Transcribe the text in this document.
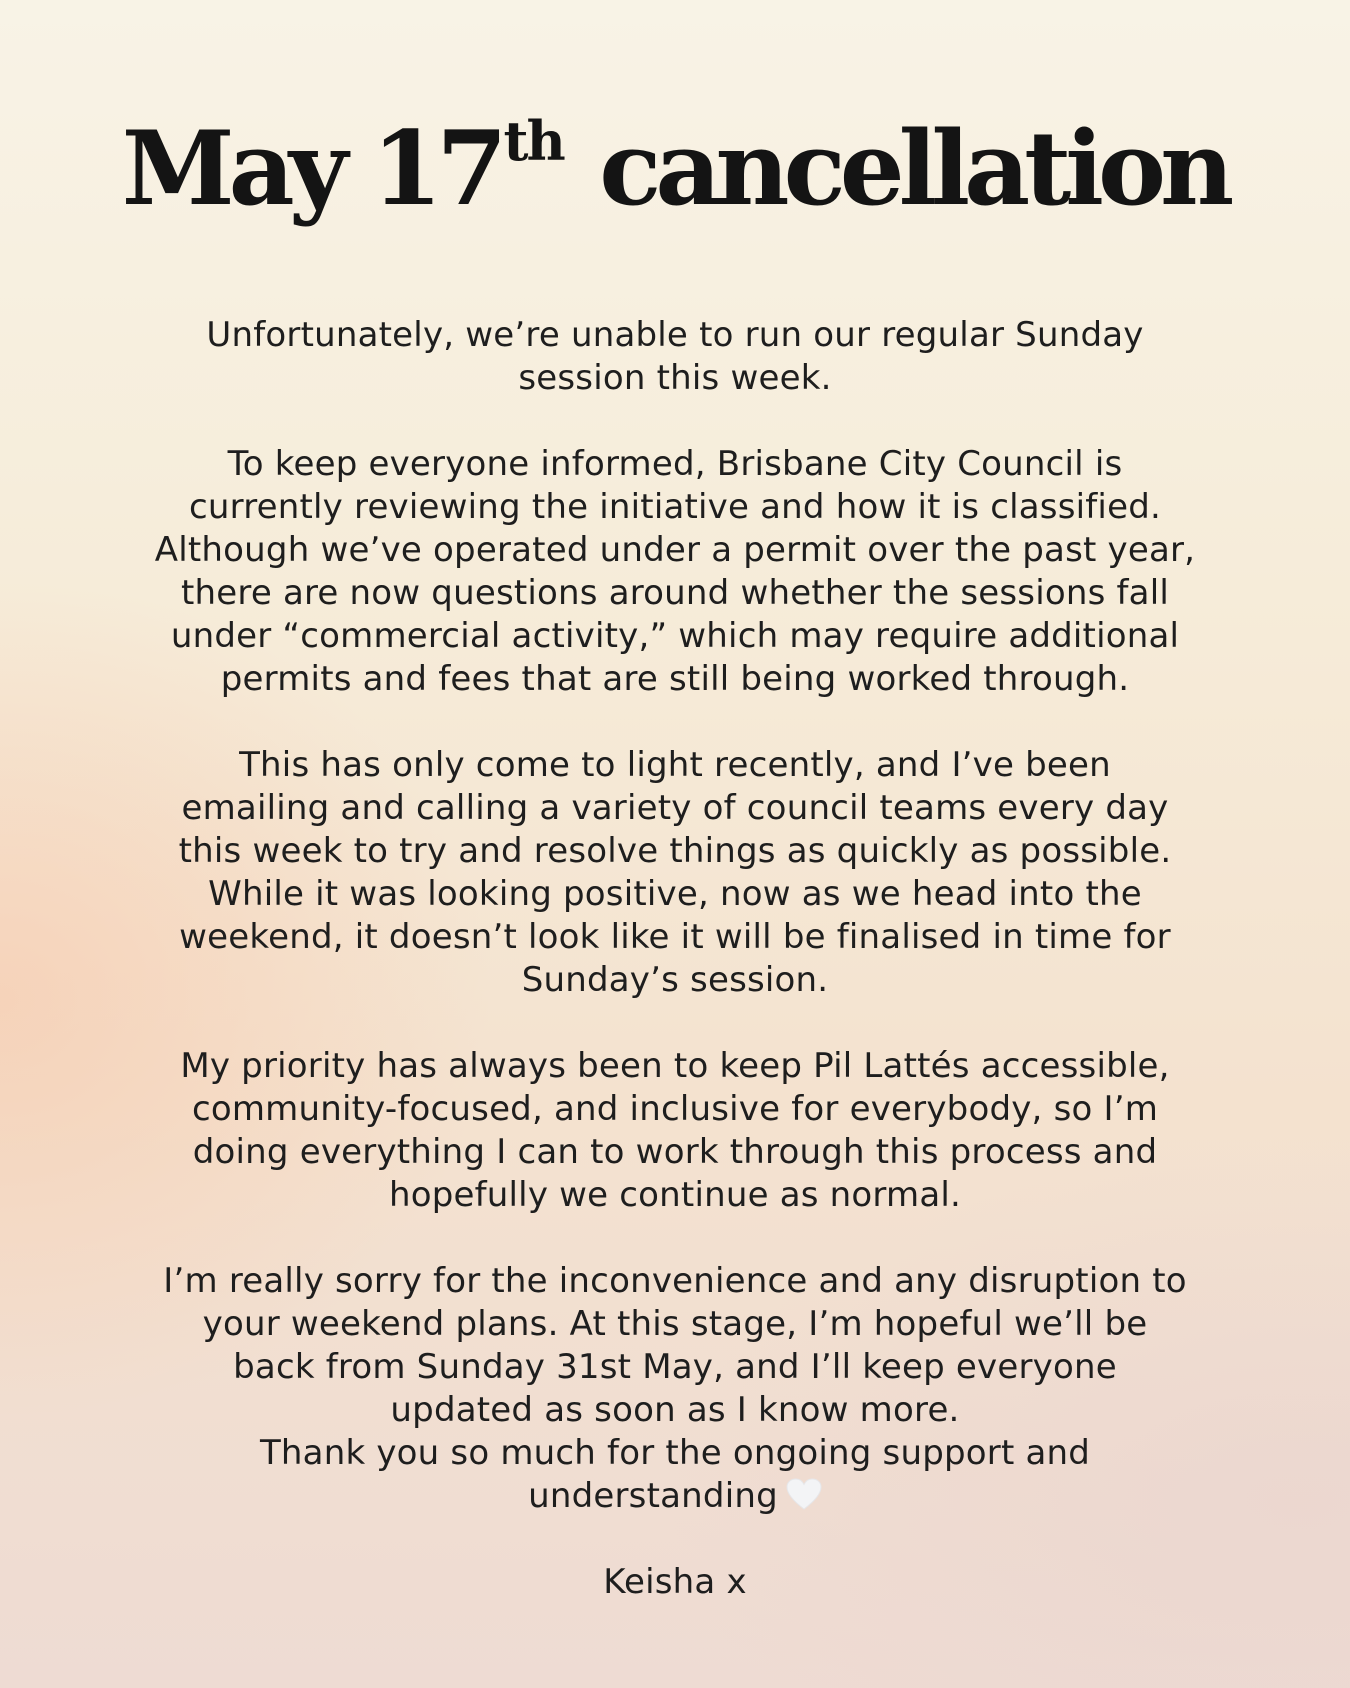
May 17th cancellation

Unfortunately, we’re unable to run our regular Sunday
session this week.

To keep everyone informed, Brisbane City Council is
currently reviewing the initiative and how it is classified.
Although we’ve operated under a permit over the past year,
there are now questions around whether the sessions fall
under “commercial activity,” which may require additional
permits and fees that are still being worked through.

This has only come to light recently, and I’ve been
emailing and calling a variety of council teams every day
this week to try and resolve things as quickly as possible.
While it was looking positive, now as we head into the
weekend, it doesn’t look like it will be finalised in time for
Sunday’s session.

My priority has always been to keep Pil Lattés accessible,
community-focused, and inclusive for everybody, so I’m
doing everything I can to work through this process and
hopefully we continue as normal.

I’m really sorry for the inconvenience and any disruption to
your weekend plans. At this stage, I’m hopeful we’ll be
back from Sunday 31st May, and I’ll keep everyone
updated as soon as I know more.
Thank you so much for the ongoing support and
understanding

Keisha x
